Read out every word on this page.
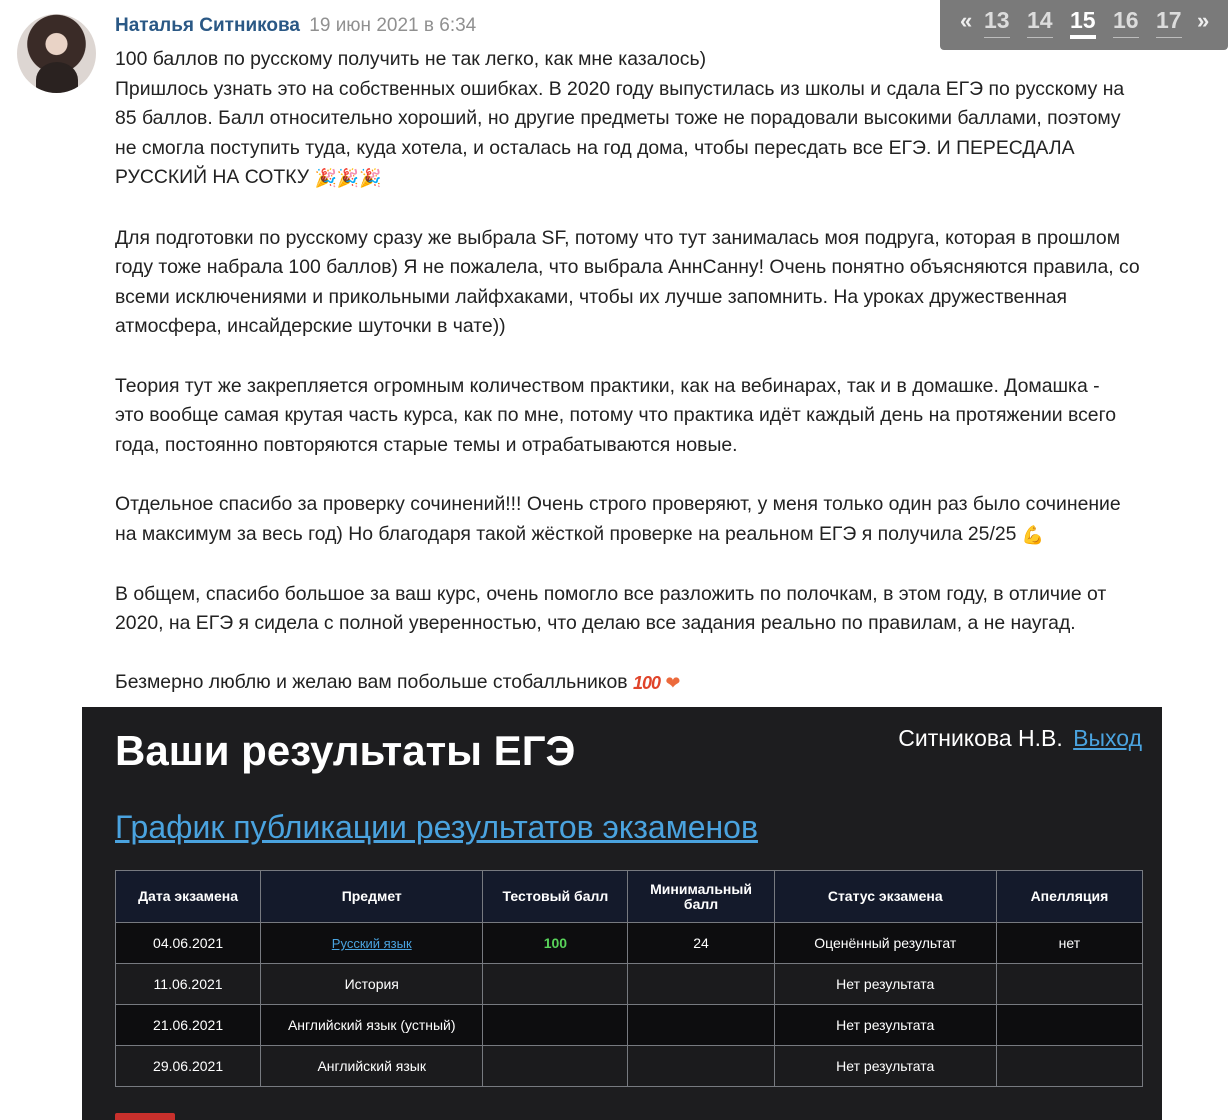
Наталья Ситникова 19 июн 2021 в 6:34

100 баллов по русскому получить не так легко, как мне казалось)

Пришлось узнать это на собственных ошибках. В 2020 году выпустилась из школы и сдала ЕГЭ по русскому на

85 баллов. Балл относительно хороший, но другие предметы тоже не порадовали высокими баллами, поэтому

не смогла поступить туда, куда хотела, и осталась на год дома, чтобы пересдать все ЕГЭ. И ПЕРЕСДАЛА

РУССКИЙ НА СОТКУ 🎉🎉🎉

Для подготовки по русскому сразу же выбрала SF, потому что тут занималась моя подруга, которая в прошлом

году тоже набрала 100 баллов) Я не пожалела, что выбрала АннСанну! Очень понятно объясняются правила, со

всеми исключениями и прикольными лайфхаками, чтобы их лучше запомнить. На уроках дружественная

атмосфера, инсайдерские шуточки в чате))

Теория тут же закрепляется огромным количеством практики, как на вебинарах, так и в домашке. Домашка -

это вообще самая крутая часть курса, как по мне, потому что практика идёт каждый день на протяжении всего

года, постоянно повторяются старые темы и отрабатываются новые.

Отдельное спасибо за проверку сочинений!!! Очень строго проверяют, у меня только один раз было сочинение

на максимум за весь год) Но благодаря такой жёсткой проверке на реальном ЕГЭ я получила 25/25 💪

В общем, спасибо большое за ваш курс, очень помогло все разложить по полочкам, в этом году, в отличие от

2020, на ЕГЭ я сидела с полной уверенностью, что делаю все задания реально по правилам, а не наугад.

Безмерно люблю и желаю вам побольше стобалльников 100 ❤

« 13 14 15 16 17 »
Ваши результаты ЕГЭ	Ситникова Н.В. Выход
График публикации результатов экзаменов
Дата экзамена	Предмет	Тестовый балл	Минимальный балл	Статус экзамена	Апелляция
04.06.2021	Русский язык	100	24	Оценённый результат	нет
11.06.2021	История			Нет результата	
21.06.2021	Английский язык (устный)			Нет результата	
29.06.2021	Английский язык			Нет результата	
